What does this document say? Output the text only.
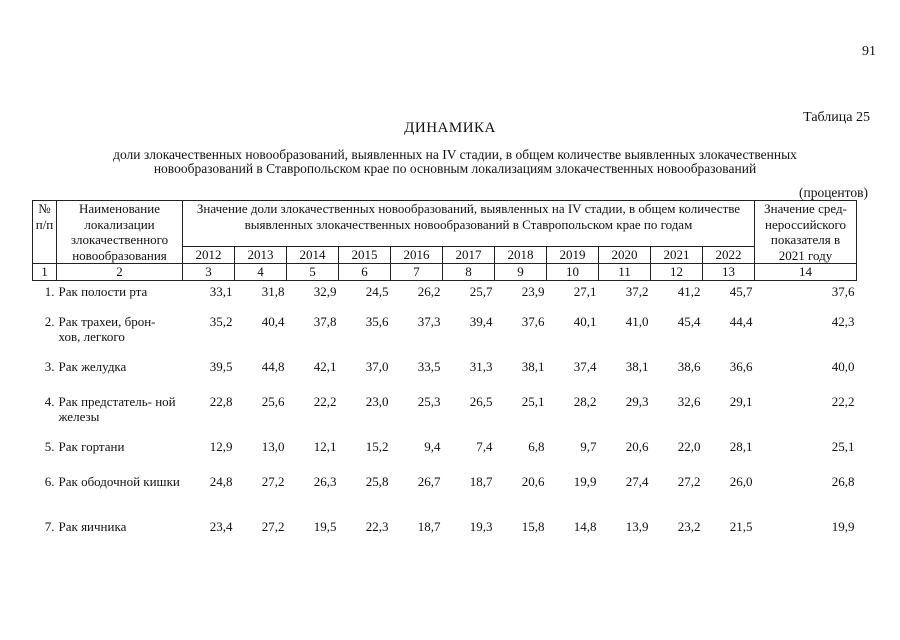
91
Таблица 25
ДИНАМИКА
доли злокачественных новообразований, выявленных на IV стадии, в общем количестве выявленных злокачественных
новообразований в Ставропольском крае по основным локализациям злокачественных новообразований
(процентов)
№ п/п	Наименование локализации злокачественного новообразования	Значение доли злокачественных новообразований, выявленных на IV стадии, в общем количестве выявленных злокачественных новообразований в Ставропольском крае по годам											Значение сред- нероссийского показателя в 2021 году
		2012	2013	2014	2015	2016	2017	2018	2019	2020	2021	2022	
1	2	3	4	5	6	7	8	9	10	11	12	13	14
1.	Рак полости рта	33,1	31,8	32,9	24,5	26,2	25,7	23,9	27,1	37,2	41,2	45,7	37,6
2.	Рак трахеи, брон- хов, легкого	35,2	40,4	37,8	35,6	37,3	39,4	37,6	40,1	41,0	45,4	44,4	42,3
3.	Рак желудка	39,5	44,8	42,1	37,0	33,5	31,3	38,1	37,4	38,1	38,6	36,6	40,0
4.	Рак предстатель- ной железы	22,8	25,6	22,2	23,0	25,3	26,5	25,1	28,2	29,3	32,6	29,1	22,2
5.	Рак гортани	12,9	13,0	12,1	15,2	9,4	7,4	6,8	9,7	20,6	22,0	28,1	25,1
6.	Рак ободочной кишки	24,8	27,2	26,3	25,8	26,7	18,7	20,6	19,9	27,4	27,2	26,0	26,8
7.	Рак яичника	23,4	27,2	19,5	22,3	18,7	19,3	15,8	14,8	13,9	23,2	21,5	19,9
